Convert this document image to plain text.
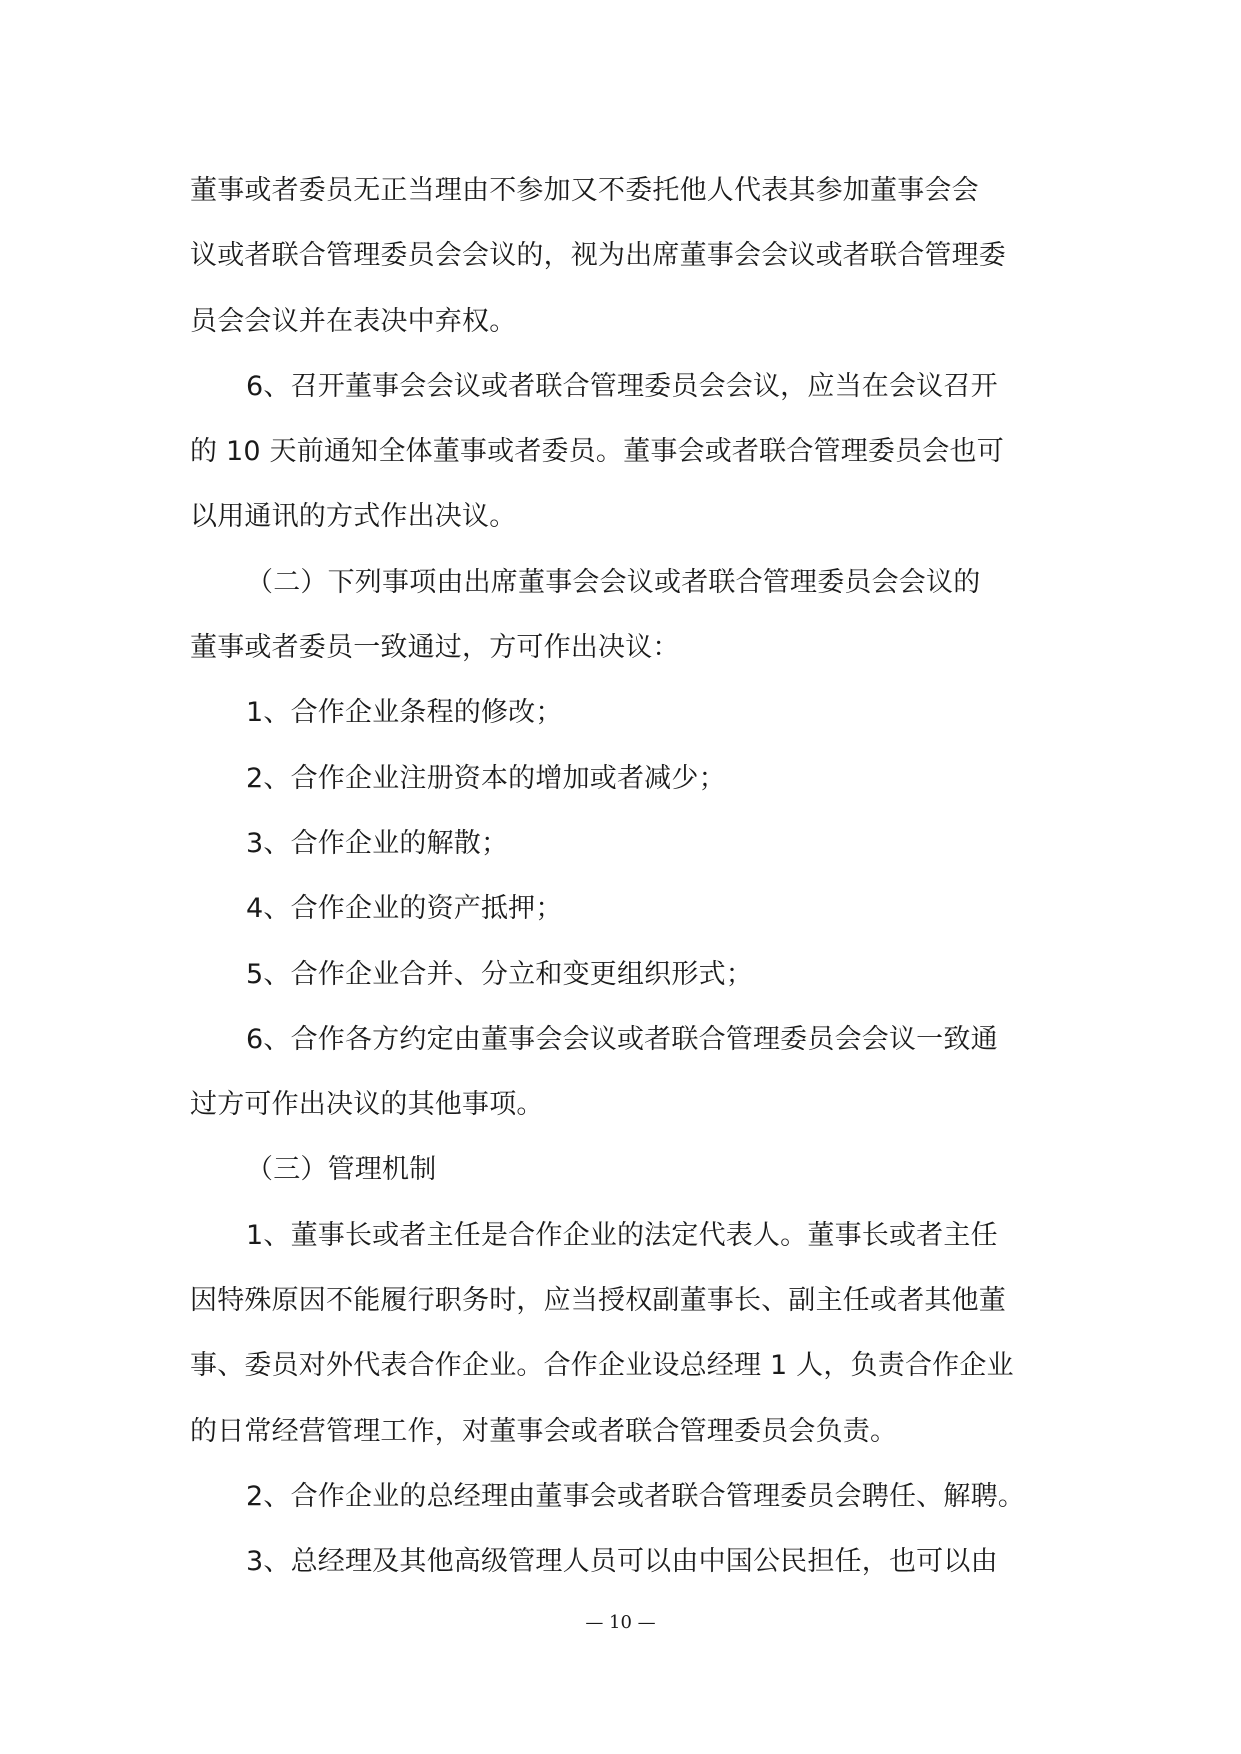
董事或者委员无正当理由不参加又不委托他人代表其参加董事会会
议或者联合管理委员会会议的，视为出席董事会会议或者联合管理委
员会会议并在表决中弃权。
6、召开董事会会议或者联合管理委员会会议，应当在会议召开
的 10 天前通知全体董事或者委员。董事会或者联合管理委员会也可
以用通讯的方式作出决议。
（二）下列事项由出席董事会会议或者联合管理委员会会议的
董事或者委员一致通过，方可作出决议：
1、合作企业条程的修改；
2、合作企业注册资本的增加或者减少；
3、合作企业的解散；
4、合作企业的资产抵押；
5、合作企业合并、分立和变更组织形式；
6、合作各方约定由董事会会议或者联合管理委员会会议一致通
过方可作出决议的其他事项。
（三）管理机制
1、董事长或者主任是合作企业的法定代表人。董事长或者主任
因特殊原因不能履行职务时，应当授权副董事长、副主任或者其他董
事、委员对外代表合作企业。合作企业设总经理 1 人，负责合作企业
的日常经营管理工作，对董事会或者联合管理委员会负责。
2、合作企业的总经理由董事会或者联合管理委员会聘任、解聘。
3、总经理及其他高级管理人员可以由中国公民担任，也可以由
— 10 —
